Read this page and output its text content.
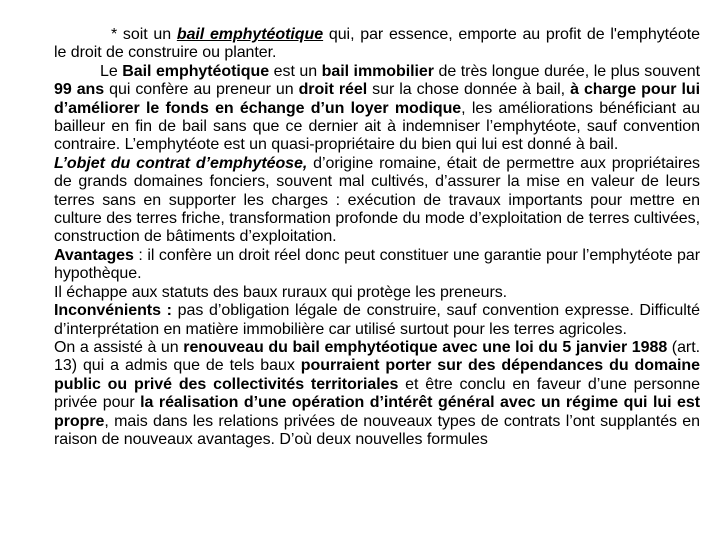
* soit un bail emphytéotique qui, par essence, emporte au profit de l'emphytéote le droit de construire ou planter.

Le Bail emphytéotique est un bail immobilier de très longue durée, le plus souvent 99 ans qui confère au preneur un droit réel sur la chose donnée à bail, à charge pour lui d’améliorer le fonds en échange d’un loyer modique, les améliorations bénéficiant au bailleur en fin de bail sans que ce dernier ait à indemniser l’emphytéote, sauf convention contraire. L’emphytéote est un quasi-propriétaire du bien qui lui est donné à bail.

L’objet du contrat d’emphytéose, d’origine romaine, était de permettre aux propriétaires de grands domaines fonciers, souvent mal cultivés, d’assurer la mise en valeur de leurs terres sans en supporter les charges : exécution de travaux importants pour mettre en culture des terres friche, transformation profonde du mode d’exploitation de terres cultivées, construction de bâtiments d’exploitation.

Avantages : il confère un droit réel donc peut constituer une garantie pour l’emphytéote par hypothèque.

Il échappe aux statuts des baux ruraux qui protège les preneurs.

Inconvénients : pas d’obligation légale de construire, sauf convention expresse. Difficulté d’interprétation en matière immobilière car utilisé surtout pour les terres agricoles.

On a assisté à un renouveau du bail emphytéotique avec une loi du 5 janvier 1988 (art. 13) qui a admis que de tels baux pourraient porter sur des dépendances du domaine public ou privé des collectivités territoriales et être conclu en faveur d’une personne privée pour la réalisation d’une opération d’intérêt général avec un régime qui lui est propre, mais dans les relations privées de nouveaux types de contrats l’ont supplantés en raison de nouveaux avantages. D’où deux nouvelles formules
